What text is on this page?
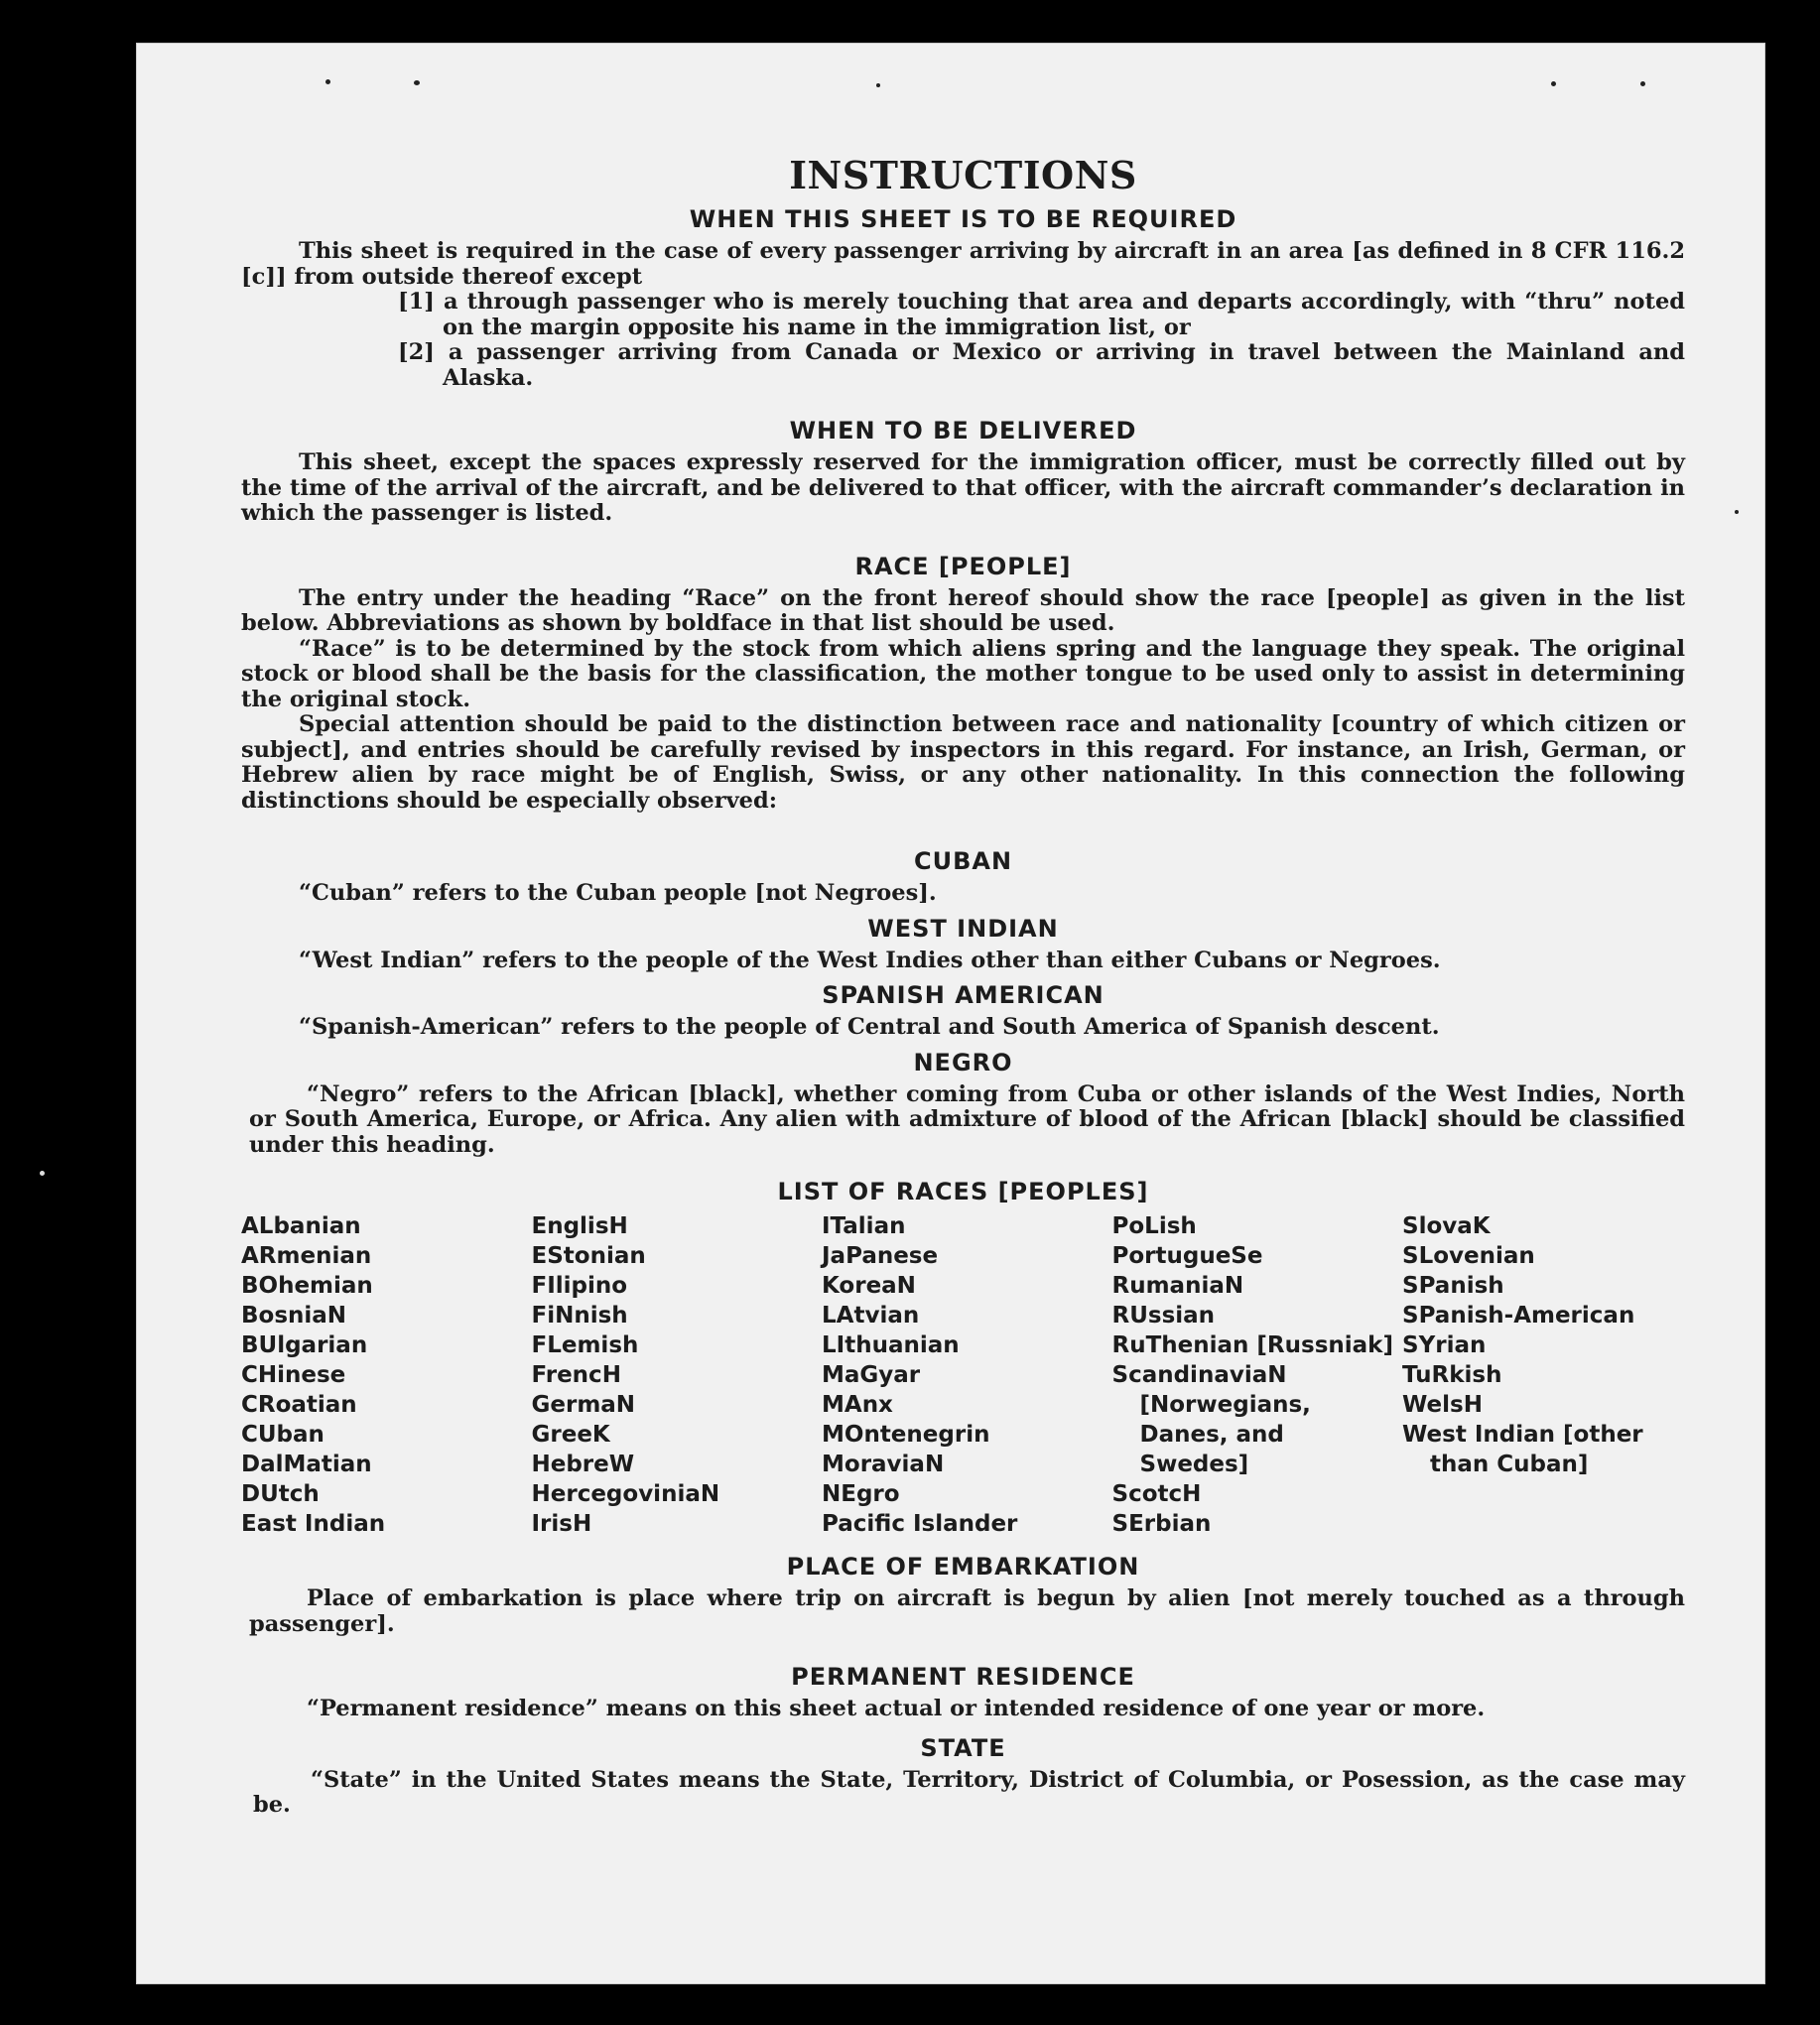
INSTRUCTIONS
WHEN THIS SHEET IS TO BE REQUIRED

This sheet is required in the case of every passenger arriving by aircraft in an area [as defined in 8 CFR 116.2 [c]] from outside thereof except

[1] a through passenger who is merely touching that area and departs accordingly, with “thru” noted on the margin opposite his name in the immigration list, or

[2] a passenger arriving from Canada or Mexico or arriving in travel between the Mainland and Alaska.

WHEN TO BE DELIVERED

This sheet, except the spaces expressly reserved for the immigration officer, must be correctly filled out by the time of the arrival of the aircraft, and be delivered to that officer, with the aircraft commander’s declaration in which the passenger is listed.

RACE [PEOPLE]

The entry under the heading “Race” on the front hereof should show the race [people] as given in the list below. Abbreviations as shown by boldface in that list should be used.

“Race” is to be determined by the stock from which aliens spring and the language they speak. The original stock or blood shall be the basis for the classification, the mother tongue to be used only to assist in determining the original stock.

Special attention should be paid to the distinction between race and nationality [country of which citizen or subject], and entries should be carefully revised by inspectors in this regard. For instance, an Irish, German, or Hebrew alien by race might be of English, Swiss, or any other nationality. In this connection the following distinctions should be especially observed:

CUBAN

“Cuban” refers to the Cuban people [not Negroes].

WEST INDIAN

“West Indian” refers to the people of the West Indies other than either Cubans or Negroes.

SPANISH AMERICAN

“Spanish-American” refers to the people of Central and South America of Spanish descent.

NEGRO

“Negro” refers to the African [black], whether coming from Cuba or other islands of the West Indies, North or South America, Europe, or Africa. Any alien with admixture of blood of the African [black] should be classified under this heading.

LIST OF RACES [PEOPLES]
ALbanian
ARmenian
BOhemian
BosniaN
BUlgarian
CHinese
CRoatian
CUban
DalMatian
DUtch
East Indian
EnglisH
EStonian
FIlipino
FiNnish
FLemish
FrencH
GermaN
GreeK
HebreW
HercegoviniaN
IrisH
ITalian
JaPanese
KoreaN
LAtvian
LIthuanian
MaGyar
MAnx
MOntenegrin
MoraviaN
NEgro
Pacific Islander
PoLish
PortugueSe
RumaniaN
RUssian
RuThenian [Russniak]
ScandinaviaN [Norwegians, Danes, and Swedes]
ScotcH
SErbian
SlovaK
SLovenian
SPanish
SPanish-American
SYrian
TuRkish
WelsH
West Indian [other than Cuban]
PLACE OF EMBARKATION

Place of embarkation is place where trip on aircraft is begun by alien [not merely touched as a through passenger].

PERMANENT RESIDENCE

“Permanent residence” means on this sheet actual or intended residence of one year or more.

STATE

“State” in the United States means the State, Territory, District of Columbia, or Posession, as the case may be.
